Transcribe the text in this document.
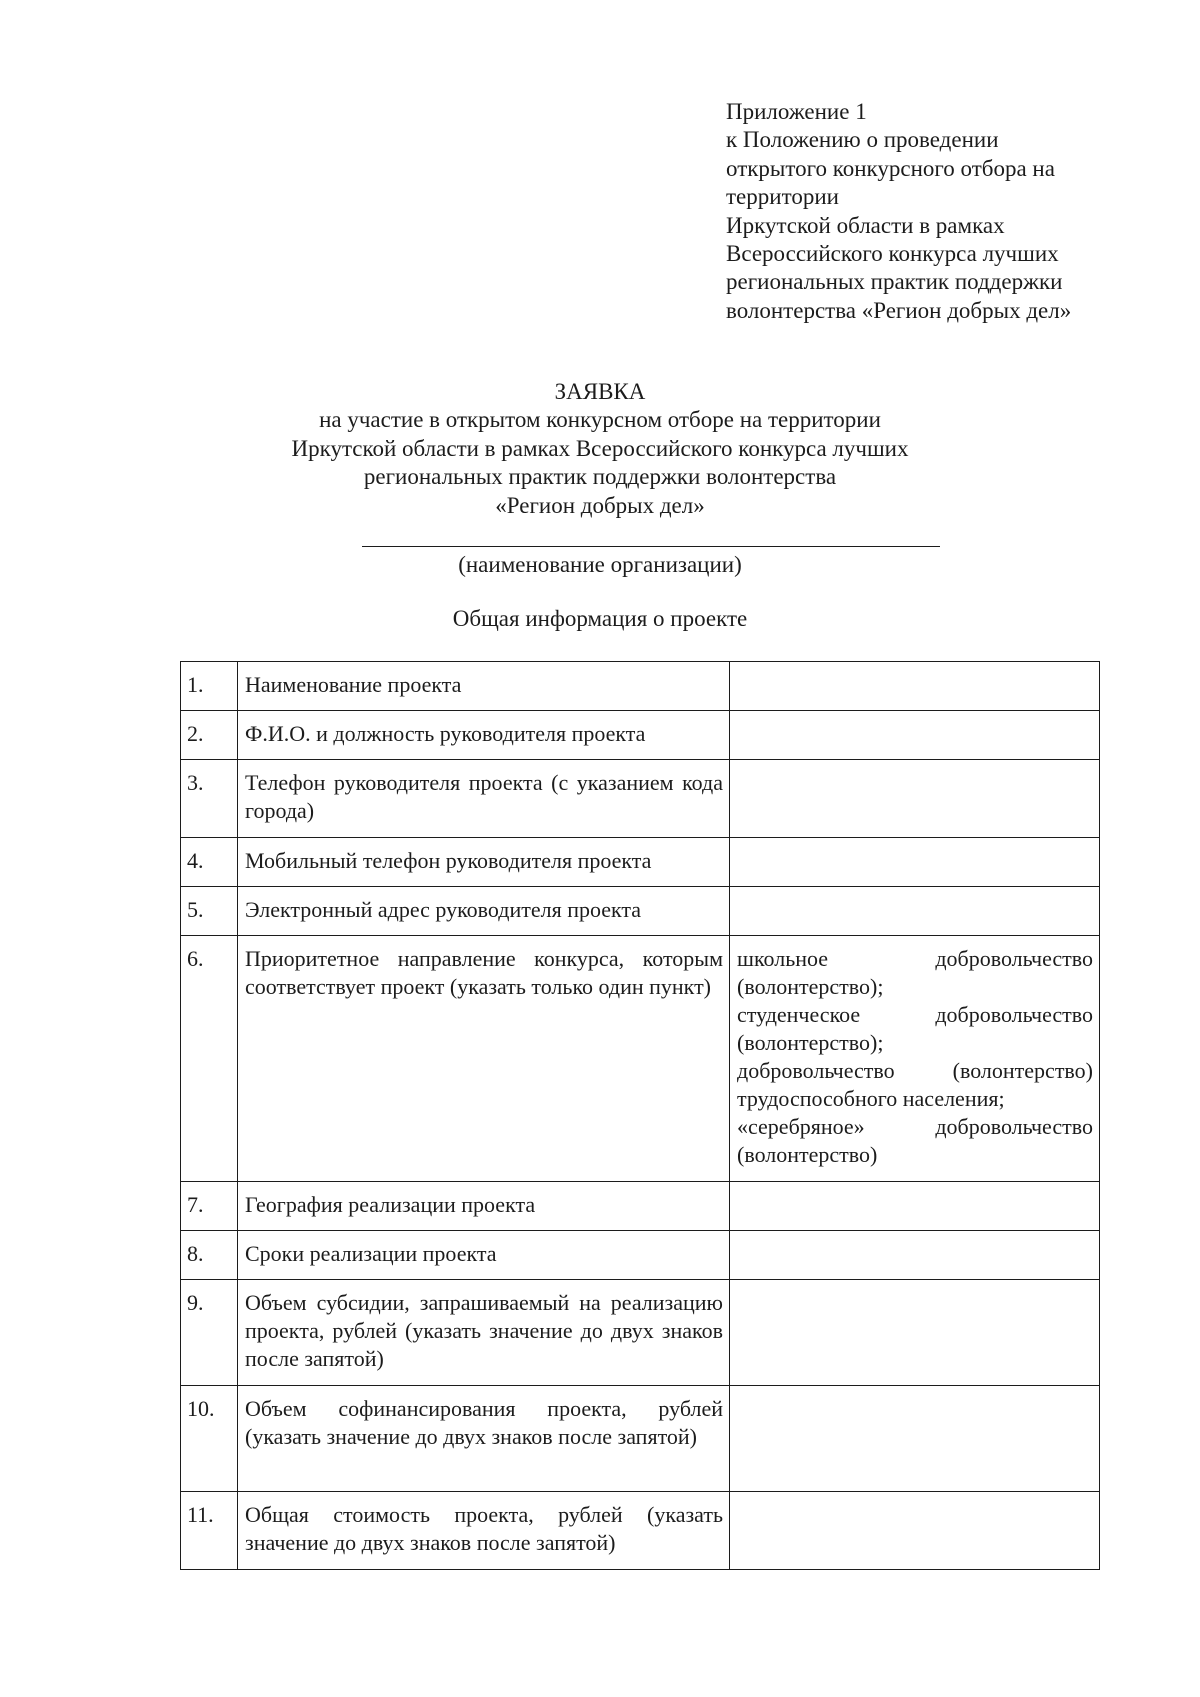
Приложение 1
к Положению о проведении
открытого конкурсного отбора на
территории
Иркутской области в рамках
Всероссийского конкурса лучших
региональных практик поддержки
волонтерства «Регион добрых дел»
ЗАЯВКА
на участие в открытом конкурсном отборе на территории
Иркутской области в рамках Всероссийского конкурса лучших
региональных практик поддержки волонтерства
«Регион добрых дел»
(наименование организации)
Общая информация о проекте
1.	Наименование проекта	
2.	Ф.И.О. и должность руководителя проекта	
3.	Телефон руководителя проекта (с указанием кода города)	
4.	Мобильный телефон руководителя проекта	
5.	Электронный адрес руководителя проекта	
6.	Приоритетное направление конкурса, которым соответствует проект (указать только один пункт)	школьное добровольчество (волонтерство);
студенческое добровольчество (волонтерство);
добровольчество (волонтерство) трудоспособного населения;
«серебряное» добровольчество (волонтерство)

7.	География реализации проекта	
8.	Сроки реализации проекта	
9.	Объем субсидии, запрашиваемый на реализацию проекта, рублей (указать значение до двух знаков после запятой)	
10.	Объем софинансирования проекта, рублей (указать значение до двух знаков после запятой)	
11.	Общая стоимость проекта, рублей (указать значение до двух знаков после запятой)	
